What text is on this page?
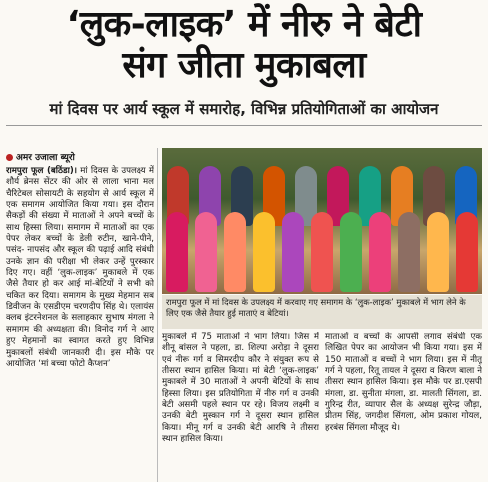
‘लुक-लाइक’ में नीरु ने बेटी
संग जीता मुकाबला
मां दिवस पर आर्य स्कूल में समारोह, विभिन्न प्रतियोगिताओं का आयोजन
अमर उजाला ब्यूरो

रामपुरा फूल (बठिंडा)। मां दिवस के उपलक्ष्य में शौर्य ब्रेनस सेंटर की ओर से लाला भाना मल चैरिटेबल सोसायटी के सहयोग से आर्य स्कूल में एक समागम आयोजित किया गया। इस दौरान सैकड़ों की संख्या में माताओं ने अपने बच्चों के साथ हिस्सा लिया। समागम में माताओं का एक पेपर लेकर बच्चों के डेली रुटीन, खाने-पीने, पसंद- नापसंद और स्कूल की पढ़ाई आदि संबंधी उनके ज्ञान की परीक्षा भी लेकर उन्हें पुरस्कार दिए गए। वहीं ‘लुक-लाइक’ मुकाबले में एक जैसे तैयार हो कर आई मां-बेटियों ने सभी को चकित कर दिया। समागम के मुख्य मेहमान सब डिवीजन के एसडीएम चरणदीप सिंह थे। एलायंस क्लब इंटरनेशनल के सलाहकार सुभाष मंगला ने समागम की अध्यक्षता की। विनोद गर्ग ने आए हुए मेहमानों का स्वागत करते हुए विभिन्न मुकाबलों संबंधी जानकारी दी। इस मौके पर आयोजित ‘मां बच्चा फोटो कैप्शन’

रामपुरा फूल में मां दिवस के उपलक्ष्य में करवाए गए समागम के ‘लुक-लाइक’ मुकाबले में भाग लेने के लिए एक जैसे तैयार हुई माताएं व बेटियां।

मुकाबले में 75 माताओं ने भाग लिया। जिस में शीनू बांसल ने पहला, डा. शिल्पा अरोड़ा ने दूसरा एवं नीरू गर्ग व सिमरदीप कौर ने संयुक्त रूप से तीसरा स्थान हासिल किया। मां बेटी ‘लुक-लाइक’ मुकाबले में 30 माताओं ने अपनी बेटियों के साथ हिस्सा लिया। इस प्रतियोगिता में नीरु गर्ग व उनकी बेटी असमी पहले स्थान पर रहे। विजय लक्ष्मी व उनकी बेटी मुस्कान गर्ग ने दूसरा स्थान हासिल किया। मीनू गर्ग व उनकी बेटी आरषि ने तीसरा स्थान हासिल किया।

माताओं व बच्चों के आपसी लगाव संबंधी एक लिखित पेपर का आयोजन भी किया गया। इस में 150 माताओं व बच्चों ने भाग लिया। इस में नीतू गर्ग ने पहला, रितू तायल ने दूसरा व किरण बाला ने तीसरा स्थान हासिल किया। इस मौके पर डा.एसपी मंगला, डा. सुनीता मंगला, डा. मालती सिंगला, डा. गुरिन्द्र रीत, व्यापार सैल के अध्यक्ष सुरेन्द्र जौड़ा, प्रीतम सिंह, जगदीश सिंगला, ओम प्रकाश गोयल, हरबंस सिंगला मौजूद थे।
